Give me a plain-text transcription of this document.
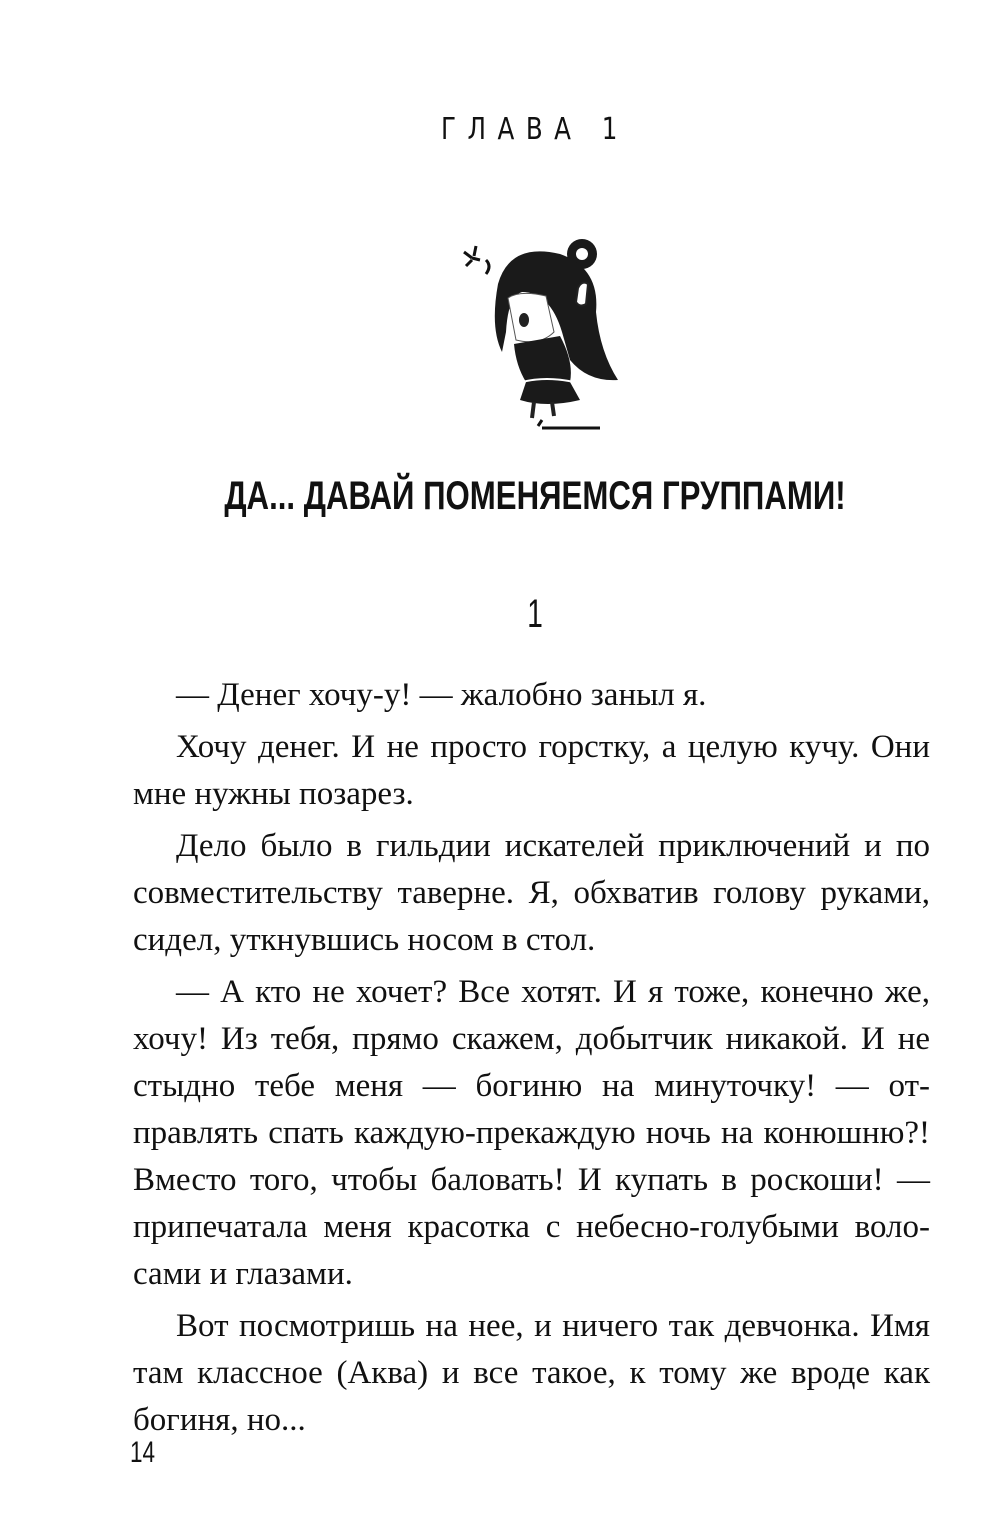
ГЛАВА 1
ДА... ДАВАЙ ПОМЕНЯЕМСЯ ГРУППАМИ!
1

— Денег хочу-у! — жалобно заныл я.

Хочу денег. И не просто горстку, а целую кучу. Они мне нужны позарез.

Дело было в гильдии искателей приключений и по совместительству таверне. Я, обхватив голову руками, сидел, уткнувшись носом в стол.

— А кто не хочет? Все хотят. И я тоже, конечно же, хочу! Из тебя, прямо скажем, добытчик никакой. И не стыдно тебе меня — богиню на минуточку! — отправлять спать каждую-прекаждую ночь на конюшню?! Вместо того, чтобы баловать! И купать в роскоши! — припечатала меня красотка с небесно-голубыми волосами и глазами.

Вот посмотришь на нее, и ничего так девчонка. Имя там классное (Аква) и все такое, к тому же вроде как богиня, но...

14
